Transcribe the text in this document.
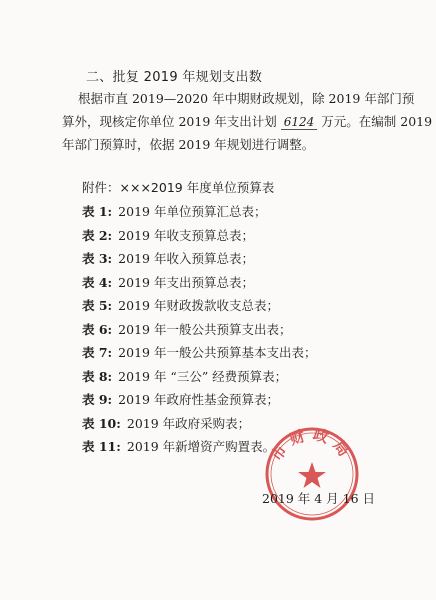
二、批复 2019 年规划支出数
根据市直 2019—2020 年中期财政规划，除 2019 年部门预
算外，现核定你单位 2019 年支出计划 6124 万元。在编制 2019
年部门预算时，依据 2019 年规划进行调整。
附件：×××2019 年度单位预算表
表 1: 2019 年单位预算汇总表；
表 2: 2019 年收支预算总表；
表 3: 2019 年收入预算总表；
表 4: 2019 年支出预算总表；
表 5: 2019 年财政拨款收支总表；
表 6: 2019 年一般公共预算支出表；
表 7: 2019 年一般公共预算基本支出表；
表 8: 2019 年 “三公” 经费预算表；
表 9: 2019 年政府性基金预算表；
表 10: 2019 年政府采购表；
表 11: 2019 年新增资产购置表。
市财政局
2019 年 4 月 16 日
